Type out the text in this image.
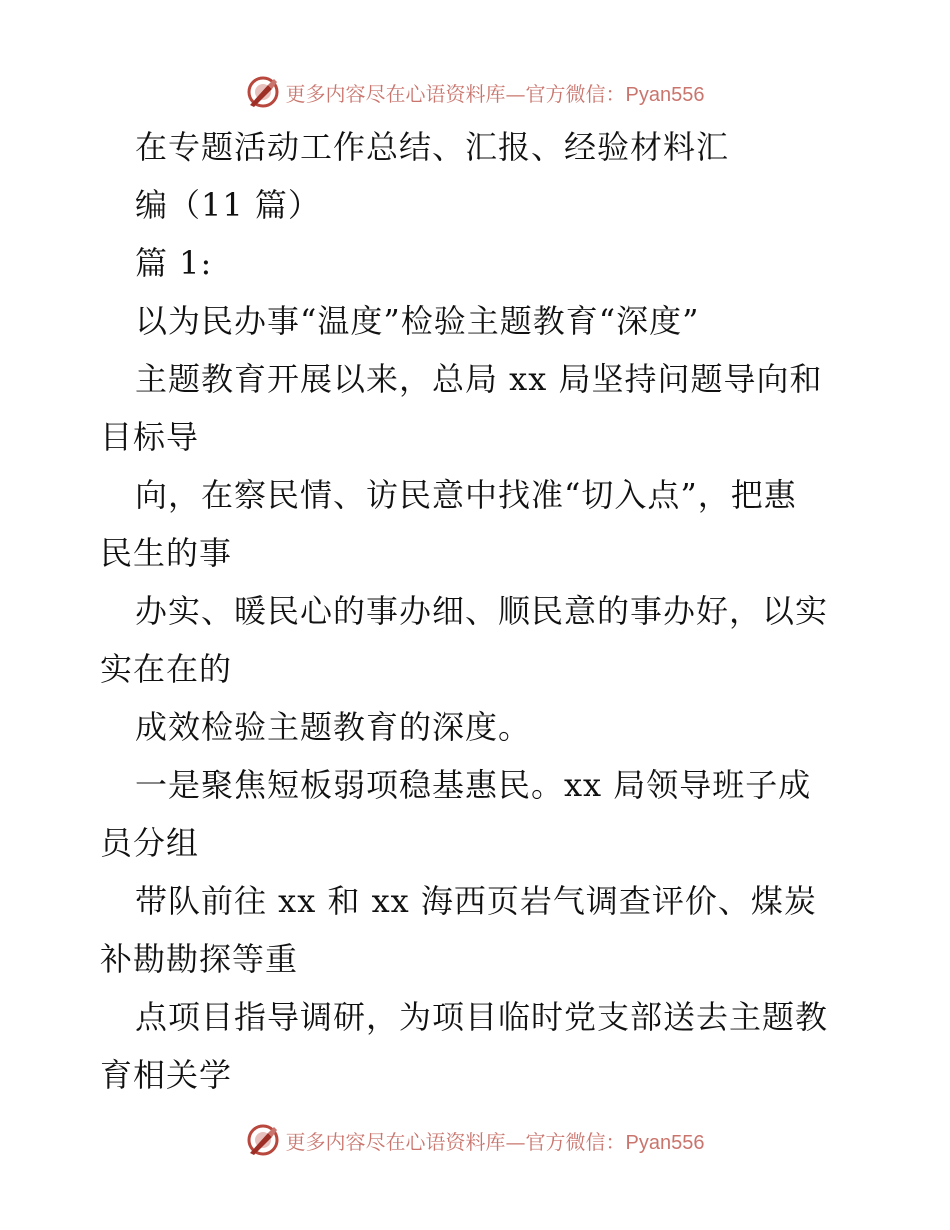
更多内容尽在心语资料库—官方微信：Pyan556
在专题活动工作总结、汇报、经验材料汇
编（11 篇）
篇 1:
以为民办事“温度”检验主题教育“深度”
主题教育开展以来，总局 xx 局坚持问题导向和
目标导
向，在察民情、访民意中找准“切入点”，把惠
民生的事
办实、暖民心的事办细、顺民意的事办好，以实
实在在的
成效检验主题教育的深度。
一是聚焦短板弱项稳基惠民。xx 局领导班子成
员分组
带队前往 xx 和 xx 海西页岩气调查评价、煤炭
补勘勘探等重
点项目指导调研，为项目临时党支部送去主题教
育相关学
更多内容尽在心语资料库—官方微信：Pyan556
